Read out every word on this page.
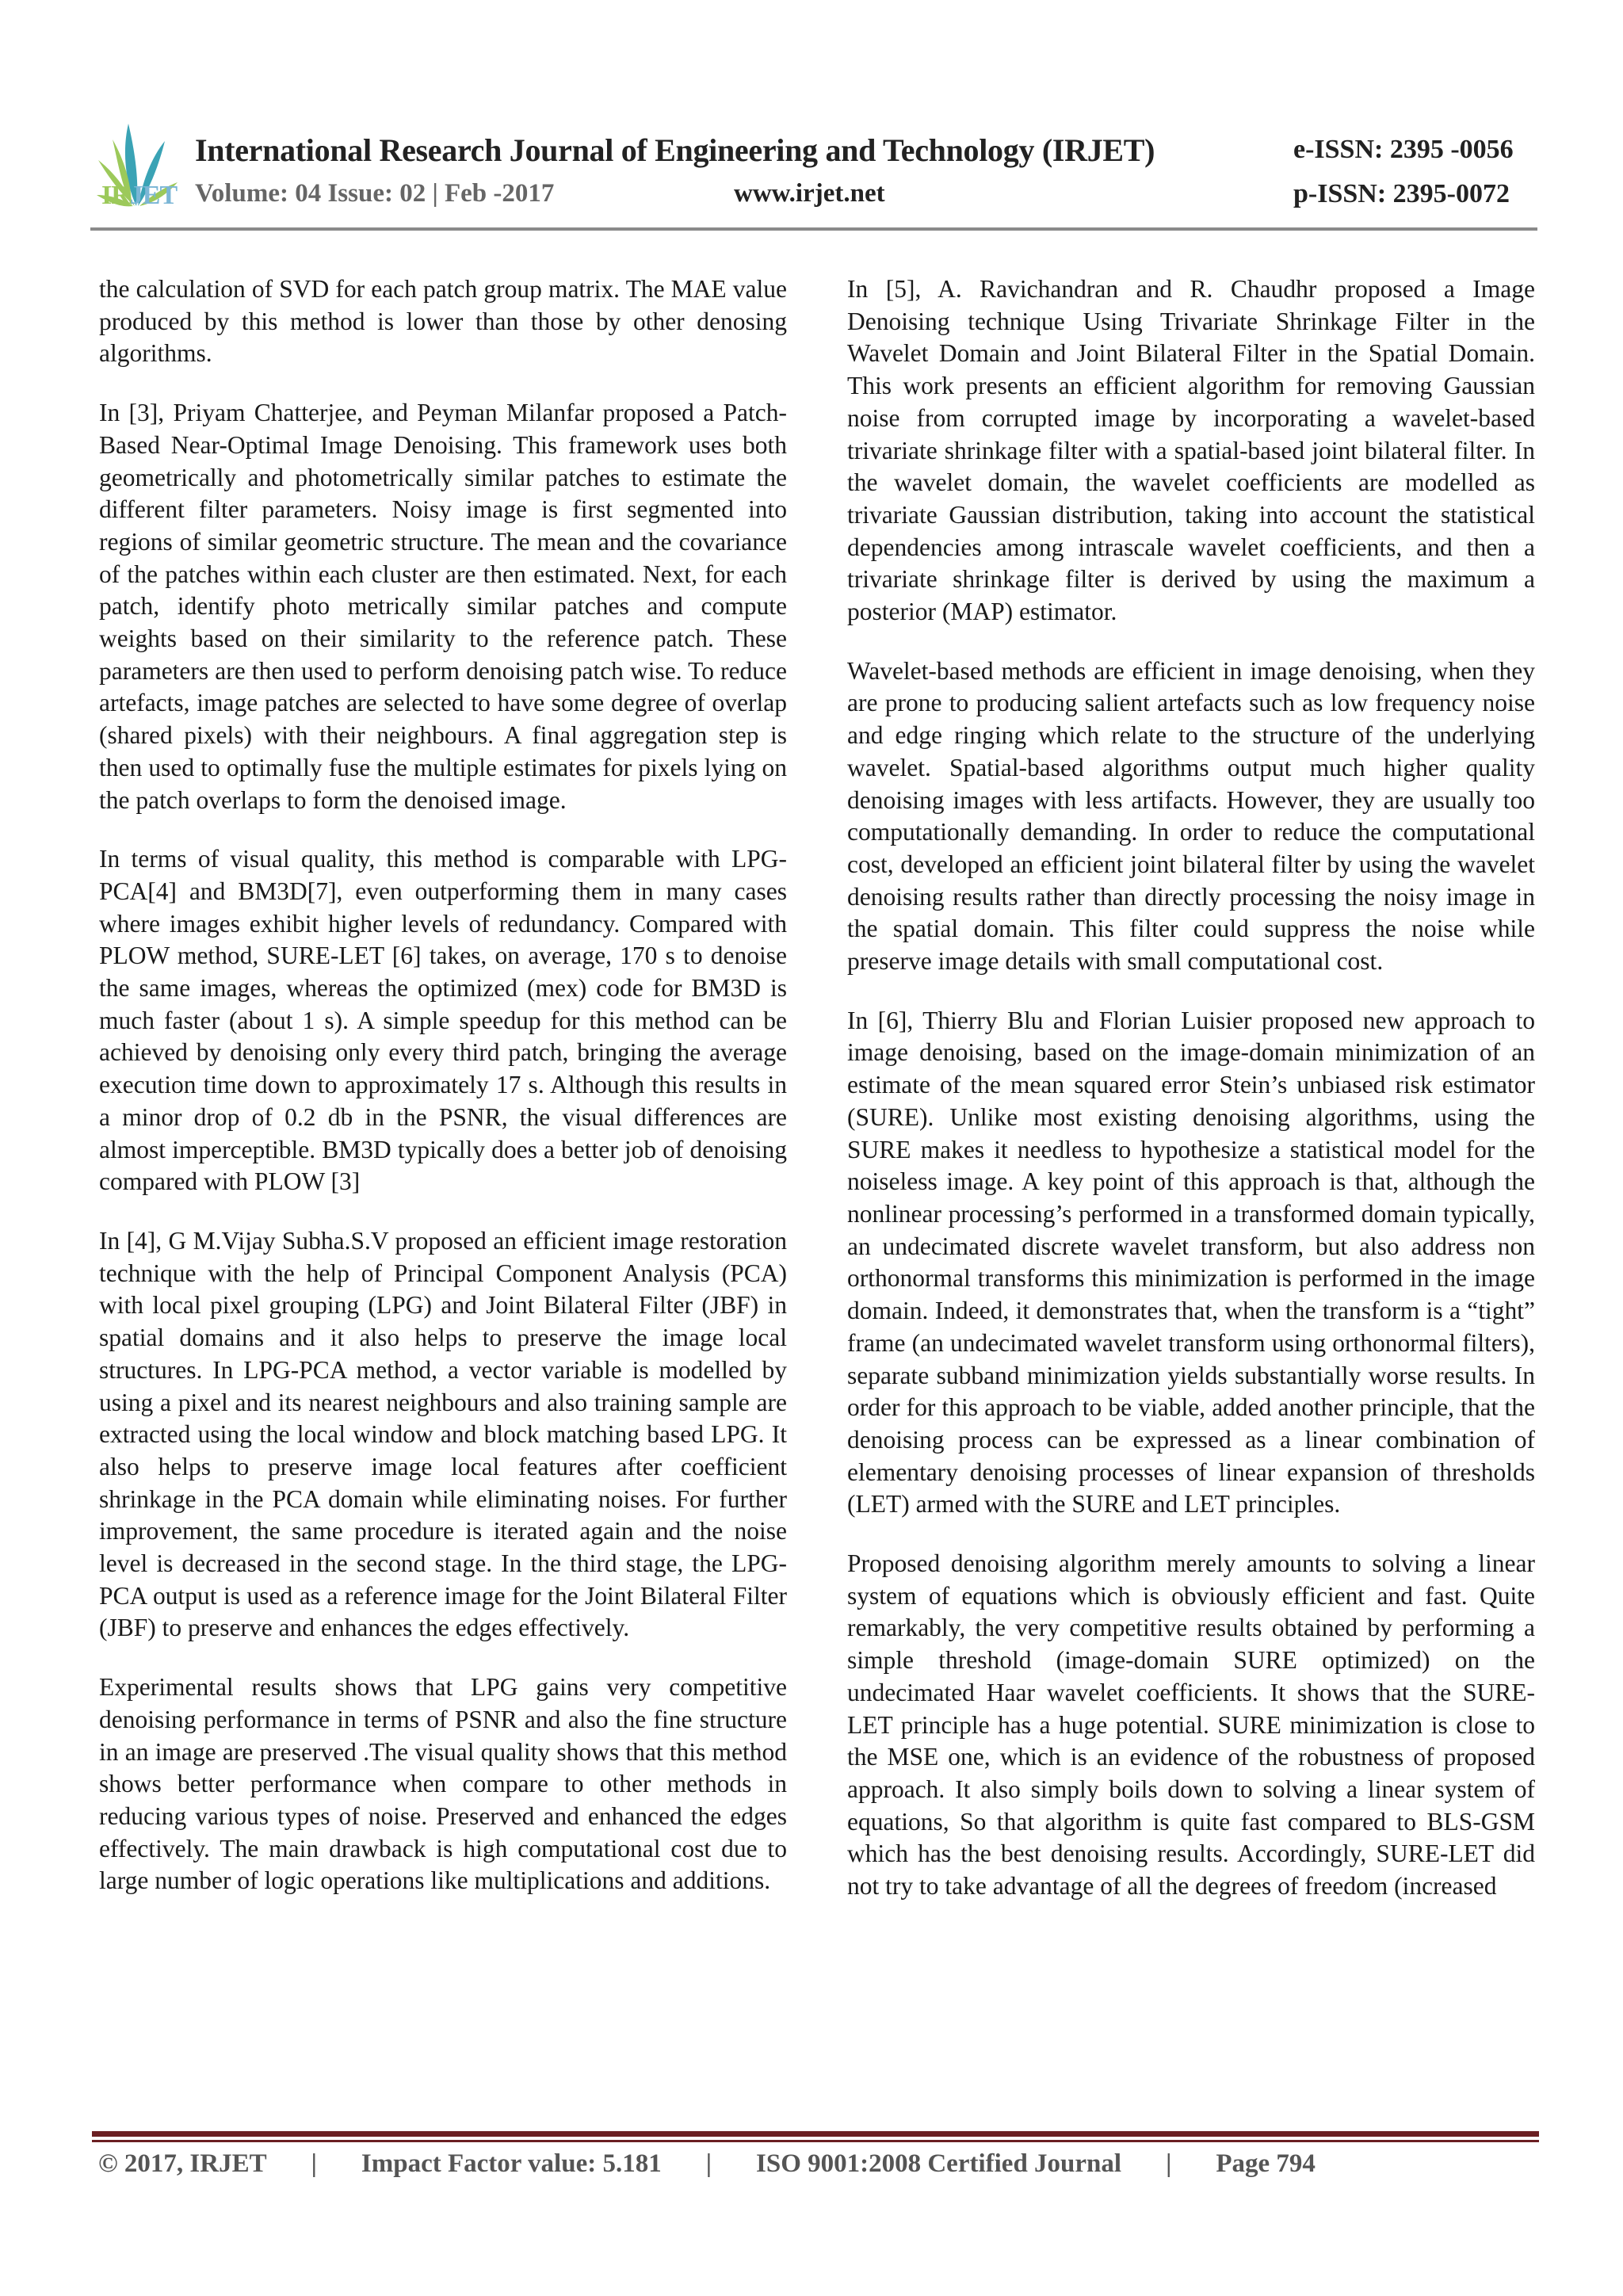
IRJET
International Research Journal of Engineering and Technology (IRJET)	e-ISSN: 2395 -0056
Volume: 04 Issue: 02 | Feb -2017	www.irjet.net	p-ISSN: 2395-0072

the calculation of SVD for each patch group matrix. The MAE value produced by this method is lower than those by other denosing algorithms.

In [3], Priyam Chatterjee, and Peyman Milanfar proposed a Patch-Based Near-Optimal Image Denoising. This framework uses both geometrically and photometrically similar patches to estimate the different filter parameters. Noisy image is first segmented into regions of similar geometric structure. The mean and the covariance of the patches within each cluster are then estimated. Next, for each patch, identify photo metrically similar patches and compute weights based on their similarity to the reference patch. These parameters are then used to perform denoising patch wise. To reduce artefacts, image patches are selected to have some degree of overlap (shared pixels) with their neighbours. A final aggregation step is then used to optimally fuse the multiple estimates for pixels lying on the patch overlaps to form the denoised image.

In terms of visual quality, this method is comparable with LPG-PCA[4] and BM3D[7], even outperforming them in many cases where images exhibit higher levels of redundancy. Compared with PLOW method, SURE-LET [6] takes, on average, 170 s to denoise the same images, whereas the optimized (mex) code for BM3D is much faster (about 1 s). A simple speedup for this method can be achieved by denoising only every third patch, bringing the average execution time down to approximately 17 s. Although this results in a minor drop of 0.2 db in the PSNR, the visual differences are almost imperceptible. BM3D typically does a better job of denoising compared with PLOW [3]

In [4], G M.Vijay Subha.S.V proposed an efficient image restoration technique with the help of Principal Component Analysis (PCA) with local pixel grouping (LPG) and Joint Bilateral Filter (JBF) in spatial domains and it also helps to preserve the image local structures. In LPG-PCA method, a vector variable is modelled by using a pixel and its nearest neighbours and also training sample are extracted using the local window and block matching based LPG. It also helps to preserve image local features after coefficient shrinkage in the PCA domain while eliminating noises. For further improvement, the same procedure is iterated again and the noise level is decreased in the second stage. In the third stage, the LPG-PCA output is used as a reference image for the Joint Bilateral Filter (JBF) to preserve and enhances the edges effectively.

Experimental results shows that LPG gains very competitive denoising performance in terms of PSNR and also the fine structure in an image are preserved .The visual quality shows that this method shows better performance when compare to other methods in reducing various types of noise. Preserved and enhanced the edges effectively. The main drawback is high computational cost due to large number of logic operations like multiplications and additions.

In [5], A. Ravichandran and R. Chaudhr proposed a Image Denoising technique Using Trivariate Shrinkage Filter in the Wavelet Domain and Joint Bilateral Filter in the Spatial Domain. This work presents an efficient algorithm for removing Gaussian noise from corrupted image by incorporating a wavelet-based trivariate shrinkage filter with a spatial-based joint bilateral filter. In the wavelet domain, the wavelet coefficients are modelled as trivariate Gaussian distribution, taking into account the statistical dependencies among intrascale wavelet coefficients, and then a trivariate shrinkage filter is derived by using the maximum a posterior (MAP) estimator.

Wavelet-based methods are efficient in image denoising, when they are prone to producing salient artefacts such as low frequency noise and edge ringing which relate to the structure of the underlying wavelet. Spatial-based algorithms output much higher quality denoising images with less artifacts. However, they are usually too computationally demanding. In order to reduce the computational cost, developed an efficient joint bilateral filter by using the wavelet denoising results rather than directly processing the noisy image in the spatial domain. This filter could suppress the noise while preserve image details with small computational cost.

In [6], Thierry Blu and Florian Luisier proposed new approach to image denoising, based on the image-domain minimization of an estimate of the mean squared error Stein’s unbiased risk estimator (SURE). Unlike most existing denoising algorithms, using the SURE makes it needless to hypothesize a statistical model for the noiseless image. A key point of this approach is that, although the nonlinear processing’s performed in a transformed domain typically, an undecimated discrete wavelet transform, but also address non orthonormal transforms this minimization is performed in the image domain. Indeed, it demonstrates that, when the transform is a “tight” frame (an undecimated wavelet transform using orthonormal filters), separate subband minimization yields substantially worse results. In order for this approach to be viable, added another principle, that the denoising process can be expressed as a linear combination of elementary denoising processes of linear expansion of thresholds (LET) armed with the SURE and LET principles.

Proposed denoising algorithm merely amounts to solving a linear system of equations which is obviously efficient and fast. Quite remarkably, the very competitive results obtained by performing a simple threshold (image-domain SURE optimized) on the undecimated Haar wavelet coefficients. It shows that the SURE-LET principle has a huge potential. SURE minimization is close to the MSE one, which is an evidence of the robustness of proposed approach. It also simply boils down to solving a linear system of equations, So that algorithm is quite fast compared to BLS-GSM which has the best denoising results. Accordingly, SURE-LET did not try to take advantage of all the degrees of freedom (increased

© 2017, IRJET | Impact Factor value: 5.181 | ISO 9001:2008 Certified Journal | Page 794
